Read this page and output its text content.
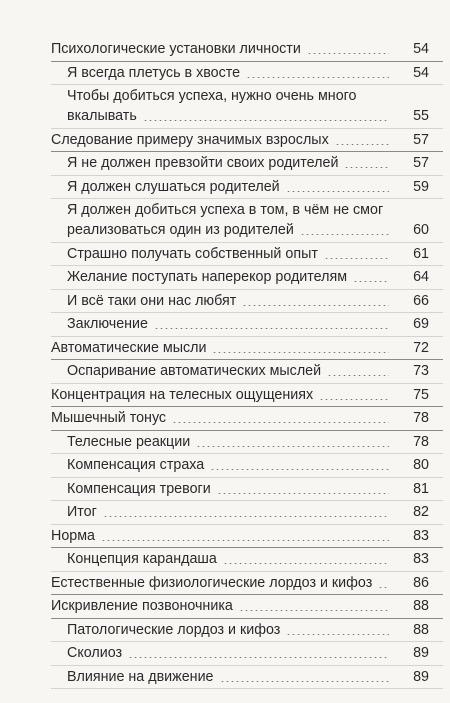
Психологические установки личности	54
Я всегда плетусь в хвосте	54
Чтобы добиться успеха, нужно очень много
вкалывать	55
Следование примеру значимых взрослых	57
Я не должен превзойти своих родителей	57
Я должен слушаться родителей	59
Я должен добиться успеха в том, в чём не смог
реализоваться один из родителей	60
Страшно получать собственный опыт	61
Желание поступать наперекор родителям	64
И всё таки они нас любят	66
Заключение	69
Автоматические мысли	72
Оспаривание автоматических мыслей	73
Концентрация на телесных ощущениях	75
Мышечный тонус	78
Телесные реакции	78
Компенсация страха	80
Компенсация тревоги	81
Итог	82
Норма	83
Концепция карандаша	83
Естественные физиологические лордоз и кифоз	86
Искривление позвоночника	88
Патологические лордоз и кифоз	88
Сколиоз	89
Влияние на движение	89
